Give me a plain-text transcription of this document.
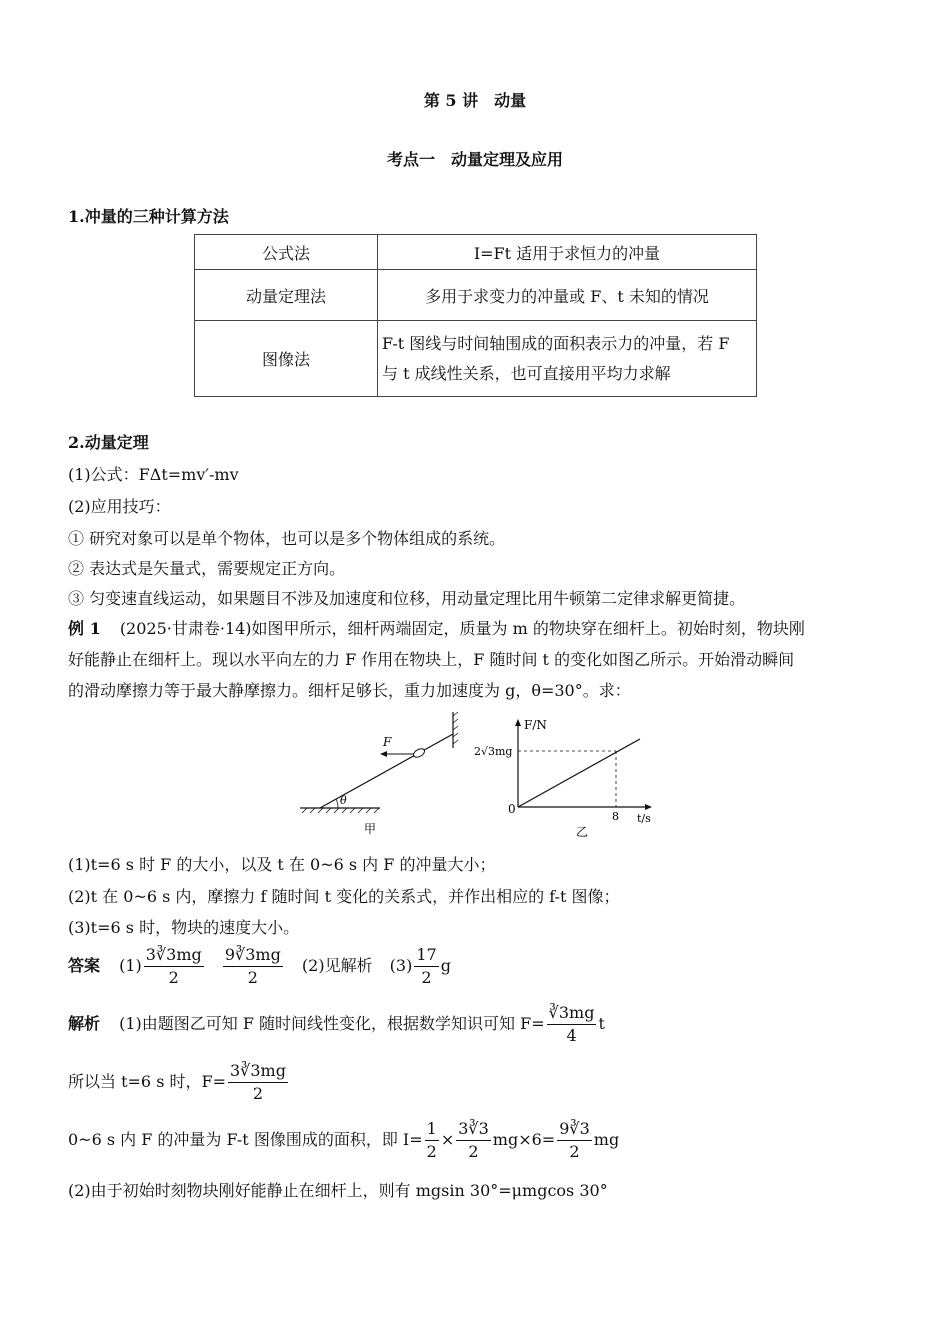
第 5 讲　动量
考点一　动量定理及应用
1.冲量的三种计算方法
公式法	I=Ft 适用于求恒力的冲量
动量定理法	多用于求变力的冲量或 F、t 未知的情况
图像法	F-t 图线与时间轴围成的面积表示力的冲量，若 F
与 t 成线性关系，也可直接用平均力求解
2.动量定理
(1)公式：FΔt=mv′-mv
(2)应用技巧：
① 研究对象可以是单个物体，也可以是多个物体组成的系统。
② 表达式是矢量式，需要规定正方向。
③ 匀变速直线运动，如果题目不涉及加速度和位移，用动量定理比用牛顿第二定律求解更简捷。
例 1 (2025·甘肃卷·14)如图甲所示，细杆两端固定，质量为 m 的物块穿在细杆上。初始时刻，物块刚
好能静止在细杆上。现以水平向左的力 F 作用在物块上，F 随时间 t 的变化如图乙所示。开始滑动瞬间
的滑动摩擦力等于最大静摩擦力。细杆足够长，重力加速度为 g，θ=30°。求：
F
θ
甲
F/N
t/s
0
2√3mg
8
乙
(1)t=6 s 时 F 的大小，以及 t 在 0~6 s 内 F 的冲量大小；
(2)t 在 0~6 s 内，摩擦力 f 随时间 t 变化的关系式，并作出相应的 f-t 图像；
(3)t=6 s 时，物块的速度大小。
答案 $(1) \frac{3∛3mg}{2}$
$\frac{9∛3mg}{2} (2)$见解析 $(3) \frac{17}{2}$ g
解析 (1)由题图乙可知 F 随时间线性变化，根据数学知识可知 $F= \frac{∛3mg}{4}$ t
所以当 t=6 s 时，$F= \frac{3∛3mg}{2}$
0~6 s 内 F 的冲量为 F-t 图像围成的面积，即 $I= \frac{1}{2} \times \frac{3∛3}{2} mg\times 6= \frac{9∛3}{2}$ mg
(2)由于初始时刻物块刚好能静止在细杆上，则有 mgsin 30°=μmgcos 30°
